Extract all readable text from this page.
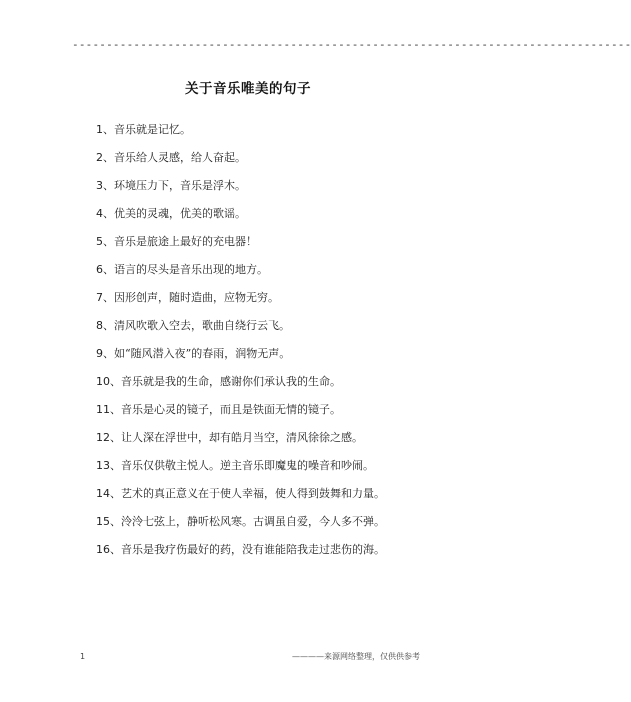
----------------------------------------------------------------------------------
关于音乐唯美的句子
1、音乐就是记忆。
2、音乐给人灵感，给人奋起。
3、环境压力下，音乐是浮木。
4、优美的灵魂，优美的歌谣。
5、音乐是旅途上最好的充电器！
6、语言的尽头是音乐出现的地方。
7、因形创声，随时造曲，应物无穷。
8、清风吹歌入空去，歌曲自绕行云飞。
9、如“随风潜入夜”的春雨，润物无声。
10、音乐就是我的生命，感谢你们承认我的生命。
11、音乐是心灵的镜子，而且是铁面无情的镜子。
12、让人深在浮世中，却有皓月当空，清风徐徐之感。
13、音乐仅供敬主悦人。逆主音乐即魔鬼的噪音和吵闹。
14、艺术的真正意义在于使人幸福，使人得到鼓舞和力量。
15、泠泠七弦上，静听松风寒。古调虽自爱，今人多不弹。
16、音乐是我疗伤最好的药，没有谁能陪我走过悲伤的海。
1	————来源网络整理，仅供供参考
